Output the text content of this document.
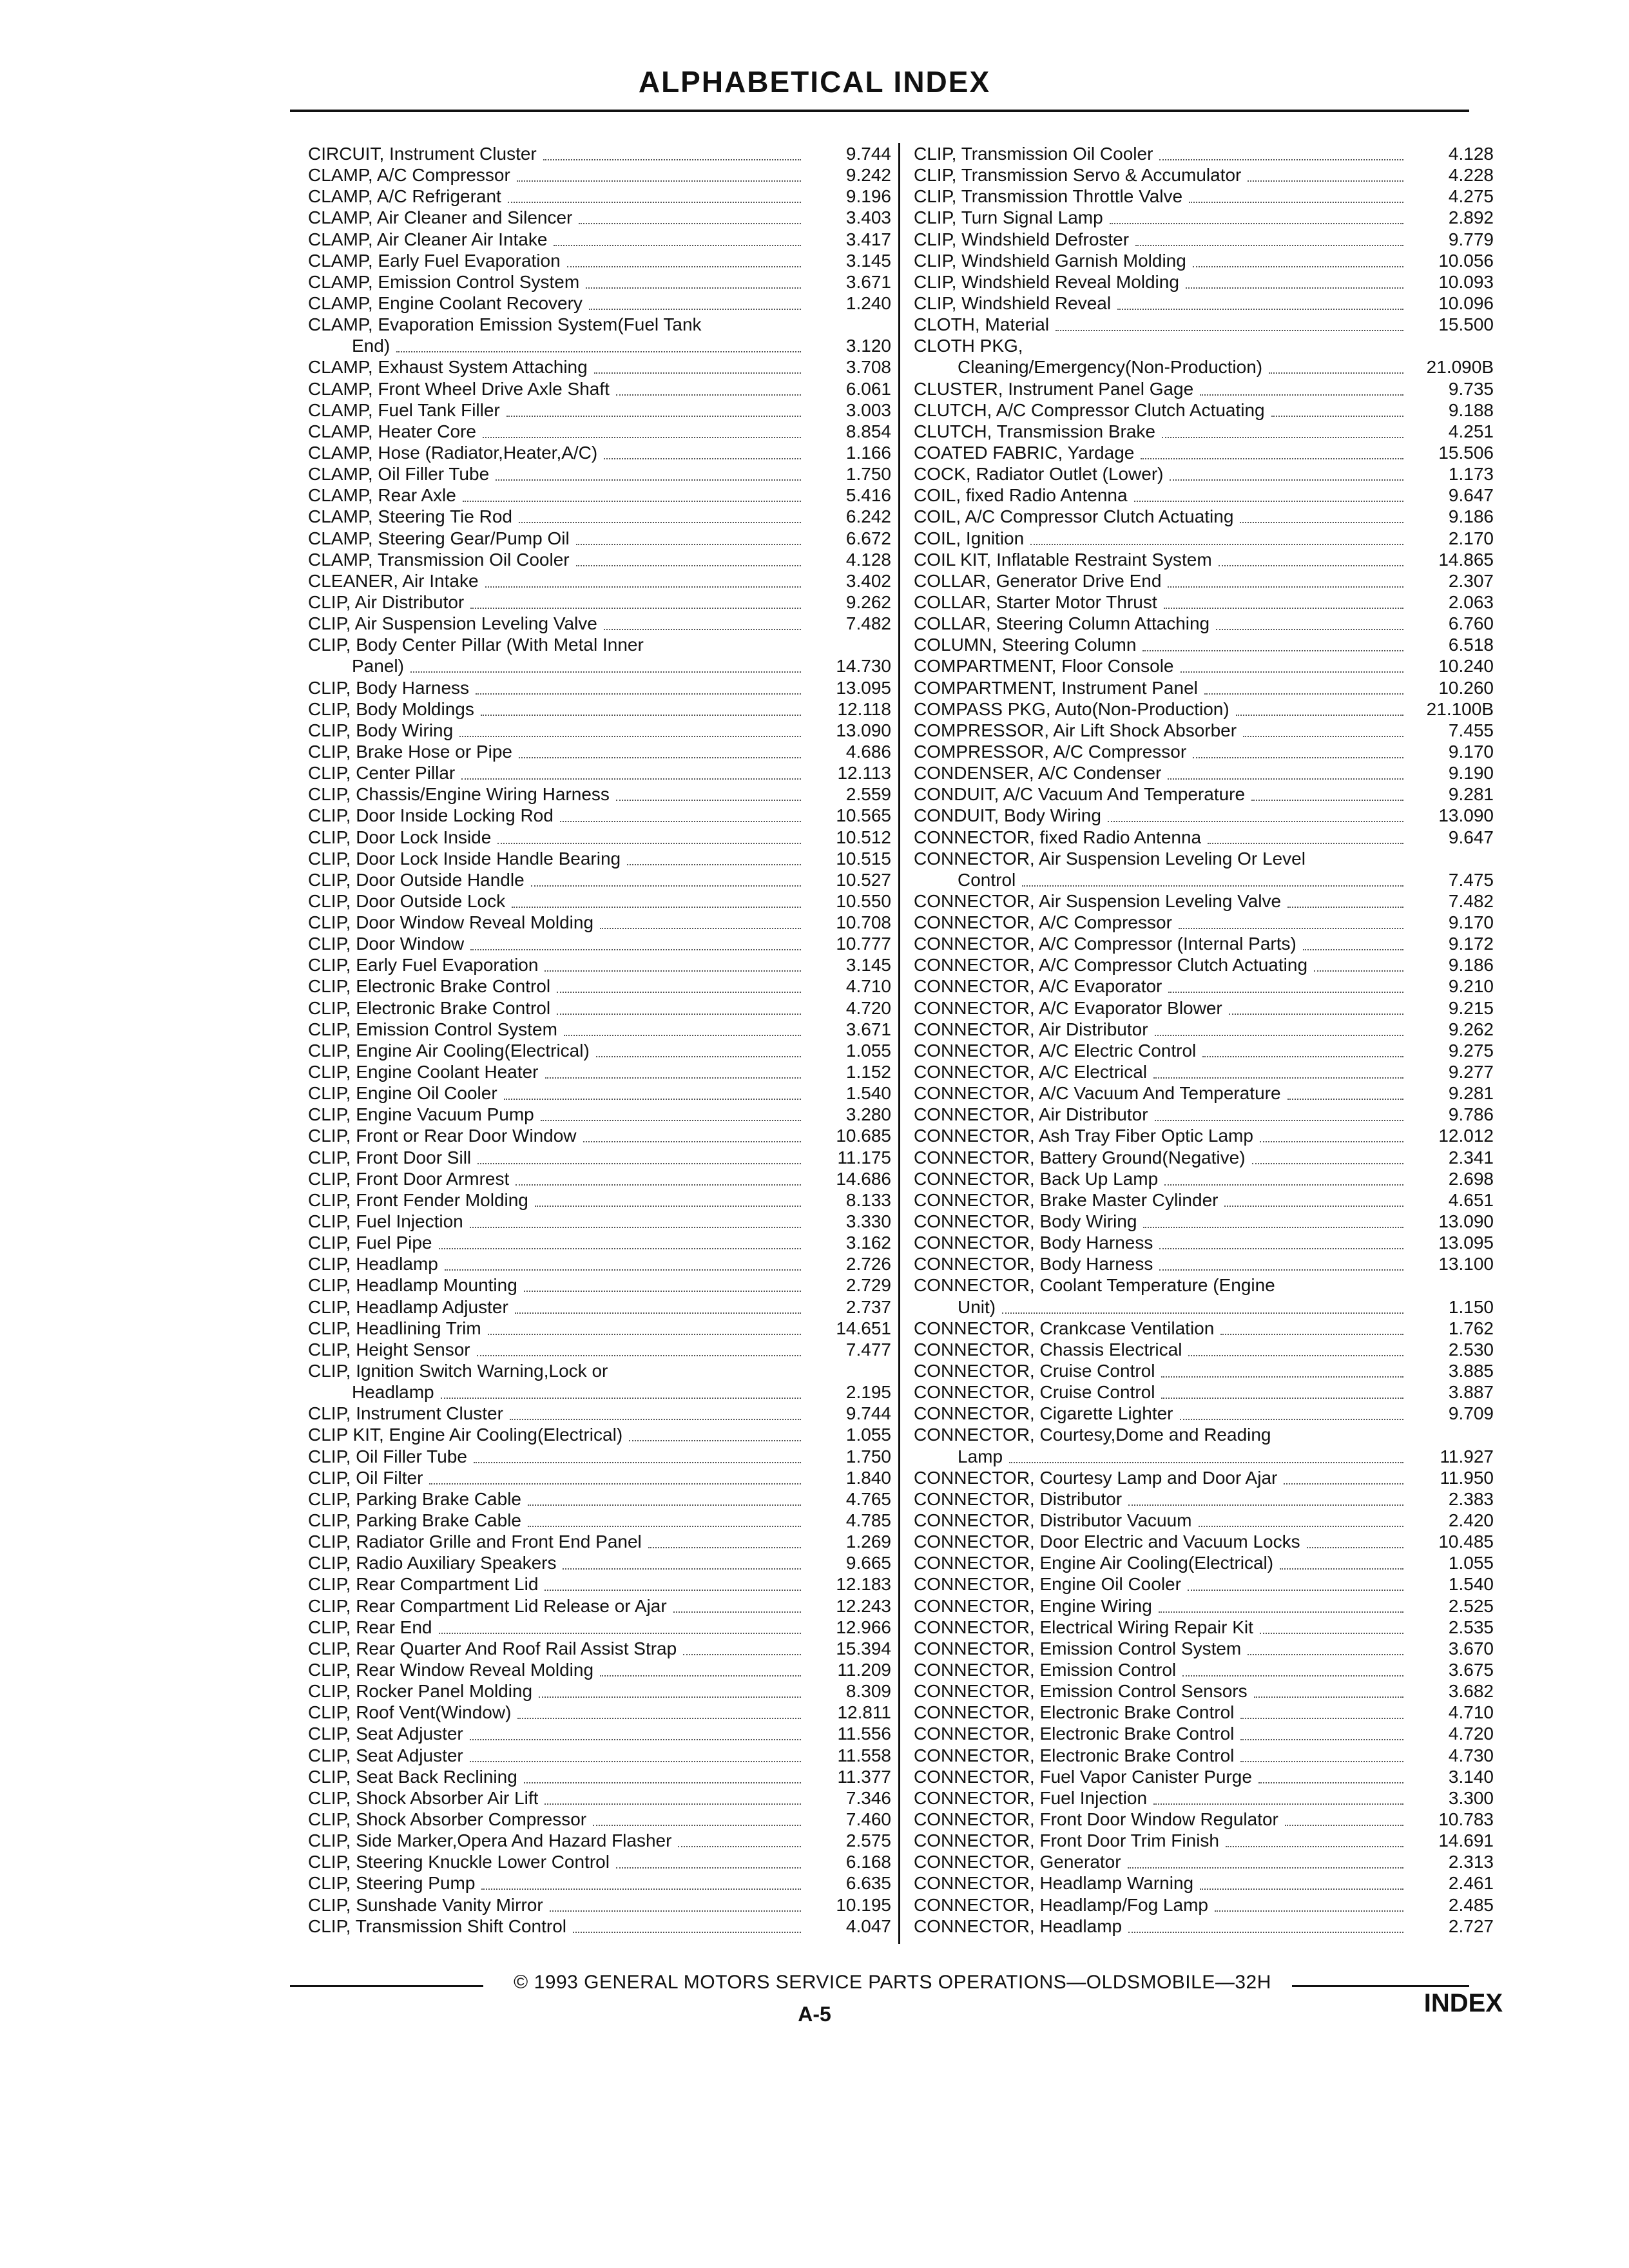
ALPHABETICAL INDEX
CIRCUIT, Instrument Cluster	9.744
CLAMP, A/C Compressor	9.242
CLAMP, A/C Refrigerant	9.196
CLAMP, Air Cleaner and Silencer	3.403
CLAMP, Air Cleaner Air Intake	3.417
CLAMP, Early Fuel Evaporation	3.145
CLAMP, Emission Control System	3.671
CLAMP, Engine Coolant Recovery	1.240
CLAMP, Evaporation Emission System(Fuel Tank
End)	3.120
CLAMP, Exhaust System Attaching	3.708
CLAMP, Front Wheel Drive Axle Shaft	6.061
CLAMP, Fuel Tank Filler	3.003
CLAMP, Heater Core	8.854
CLAMP, Hose (Radiator,Heater,A/C)	1.166
CLAMP, Oil Filler Tube	1.750
CLAMP, Rear Axle	5.416
CLAMP, Steering Tie Rod	6.242
CLAMP, Steering Gear/Pump Oil	6.672
CLAMP, Transmission Oil Cooler	4.128
CLEANER, Air Intake	3.402
CLIP, Air Distributor	9.262
CLIP, Air Suspension Leveling Valve	7.482
CLIP, Body Center Pillar (With Metal Inner
Panel)	14.730
CLIP, Body Harness	13.095
CLIP, Body Moldings	12.118
CLIP, Body Wiring	13.090
CLIP, Brake Hose or Pipe	4.686
CLIP, Center Pillar	12.113
CLIP, Chassis/Engine Wiring Harness	2.559
CLIP, Door Inside Locking Rod	10.565
CLIP, Door Lock Inside	10.512
CLIP, Door Lock Inside Handle Bearing	10.515
CLIP, Door Outside Handle	10.527
CLIP, Door Outside Lock	10.550
CLIP, Door Window Reveal Molding	10.708
CLIP, Door Window	10.777
CLIP, Early Fuel Evaporation	3.145
CLIP, Electronic Brake Control	4.710
CLIP, Electronic Brake Control	4.720
CLIP, Emission Control System	3.671
CLIP, Engine Air Cooling(Electrical)	1.055
CLIP, Engine Coolant Heater	1.152
CLIP, Engine Oil Cooler	1.540
CLIP, Engine Vacuum Pump	3.280
CLIP, Front or Rear Door Window	10.685
CLIP, Front Door Sill	11.175
CLIP, Front Door Armrest	14.686
CLIP, Front Fender Molding	8.133
CLIP, Fuel Injection	3.330
CLIP, Fuel Pipe	3.162
CLIP, Headlamp	2.726
CLIP, Headlamp Mounting	2.729
CLIP, Headlamp Adjuster	2.737
CLIP, Headlining Trim	14.651
CLIP, Height Sensor	7.477
CLIP, Ignition Switch Warning,Lock or
Headlamp	2.195
CLIP, Instrument Cluster	9.744
CLIP KIT, Engine Air Cooling(Electrical)	1.055
CLIP, Oil Filler Tube	1.750
CLIP, Oil Filter	1.840
CLIP, Parking Brake Cable	4.765
CLIP, Parking Brake Cable	4.785
CLIP, Radiator Grille and Front End Panel	1.269
CLIP, Radio Auxiliary Speakers	9.665
CLIP, Rear Compartment Lid	12.183
CLIP, Rear Compartment Lid Release or Ajar	12.243
CLIP, Rear End	12.966
CLIP, Rear Quarter And Roof Rail Assist Strap	15.394
CLIP, Rear Window Reveal Molding	11.209
CLIP, Rocker Panel Molding	8.309
CLIP, Roof Vent(Window)	12.811
CLIP, Seat Adjuster	11.556
CLIP, Seat Adjuster	11.558
CLIP, Seat Back Reclining	11.377
CLIP, Shock Absorber Air Lift	7.346
CLIP, Shock Absorber Compressor	7.460
CLIP, Side Marker,Opera And Hazard Flasher	2.575
CLIP, Steering Knuckle Lower Control	6.168
CLIP, Steering Pump	6.635
CLIP, Sunshade Vanity Mirror	10.195
CLIP, Transmission Shift Control	4.047
CLIP, Transmission Oil Cooler	4.128
CLIP, Transmission Servo & Accumulator	4.228
CLIP, Transmission Throttle Valve	4.275
CLIP, Turn Signal Lamp	2.892
CLIP, Windshield Defroster	9.779
CLIP, Windshield Garnish Molding	10.056
CLIP, Windshield Reveal Molding	10.093
CLIP, Windshield Reveal	10.096
CLOTH, Material	15.500
CLOTH PKG,
Cleaning/Emergency(Non-Production)	21.090B
CLUSTER, Instrument Panel Gage	9.735
CLUTCH, A/C Compressor Clutch Actuating	9.188
CLUTCH, Transmission Brake	4.251
COATED FABRIC, Yardage	15.506
COCK, Radiator Outlet (Lower)	1.173
COIL, fixed Radio Antenna	9.647
COIL, A/C Compressor Clutch Actuating	9.186
COIL, Ignition	2.170
COIL KIT, Inflatable Restraint System	14.865
COLLAR, Generator Drive End	2.307
COLLAR, Starter Motor Thrust	2.063
COLLAR, Steering Column Attaching	6.760
COLUMN, Steering Column	6.518
COMPARTMENT, Floor Console	10.240
COMPARTMENT, Instrument Panel	10.260
COMPASS PKG, Auto(Non-Production)	21.100B
COMPRESSOR, Air Lift Shock Absorber	7.455
COMPRESSOR, A/C Compressor	9.170
CONDENSER, A/C Condenser	9.190
CONDUIT, A/C Vacuum And Temperature	9.281
CONDUIT, Body Wiring	13.090
CONNECTOR, fixed Radio Antenna	9.647
CONNECTOR, Air Suspension Leveling Or Level
Control	7.475
CONNECTOR, Air Suspension Leveling Valve	7.482
CONNECTOR, A/C Compressor	9.170
CONNECTOR, A/C Compressor (Internal Parts)	9.172
CONNECTOR, A/C Compressor Clutch Actuating	9.186
CONNECTOR, A/C Evaporator	9.210
CONNECTOR, A/C Evaporator Blower	9.215
CONNECTOR, Air Distributor	9.262
CONNECTOR, A/C Electric Control	9.275
CONNECTOR, A/C Electrical	9.277
CONNECTOR, A/C Vacuum And Temperature	9.281
CONNECTOR, Air Distributor	9.786
CONNECTOR, Ash Tray Fiber Optic Lamp	12.012
CONNECTOR, Battery Ground(Negative)	2.341
CONNECTOR, Back Up Lamp	2.698
CONNECTOR, Brake Master Cylinder	4.651
CONNECTOR, Body Wiring	13.090
CONNECTOR, Body Harness	13.095
CONNECTOR, Body Harness	13.100
CONNECTOR, Coolant Temperature (Engine
Unit)	1.150
CONNECTOR, Crankcase Ventilation	1.762
CONNECTOR, Chassis Electrical	2.530
CONNECTOR, Cruise Control	3.885
CONNECTOR, Cruise Control	3.887
CONNECTOR, Cigarette Lighter	9.709
CONNECTOR, Courtesy,Dome and Reading
Lamp	11.927
CONNECTOR, Courtesy Lamp and Door Ajar	11.950
CONNECTOR, Distributor	2.383
CONNECTOR, Distributor Vacuum	2.420
CONNECTOR, Door Electric and Vacuum Locks	10.485
CONNECTOR, Engine Air Cooling(Electrical)	1.055
CONNECTOR, Engine Oil Cooler	1.540
CONNECTOR, Engine Wiring	2.525
CONNECTOR, Electrical Wiring Repair Kit	2.535
CONNECTOR, Emission Control System	3.670
CONNECTOR, Emission Control	3.675
CONNECTOR, Emission Control Sensors	3.682
CONNECTOR, Electronic Brake Control	4.710
CONNECTOR, Electronic Brake Control	4.720
CONNECTOR, Electronic Brake Control	4.730
CONNECTOR, Fuel Vapor Canister Purge	3.140
CONNECTOR, Fuel Injection	3.300
CONNECTOR, Front Door Window Regulator	10.783
CONNECTOR, Front Door Trim Finish	14.691
CONNECTOR, Generator	2.313
CONNECTOR, Headlamp Warning	2.461
CONNECTOR, Headlamp/Fog Lamp	2.485
CONNECTOR, Headlamp	2.727
© 1993 GENERAL MOTORS SERVICE PARTS OPERATIONS—OLDSMOBILE—32H
A-5	INDEX
